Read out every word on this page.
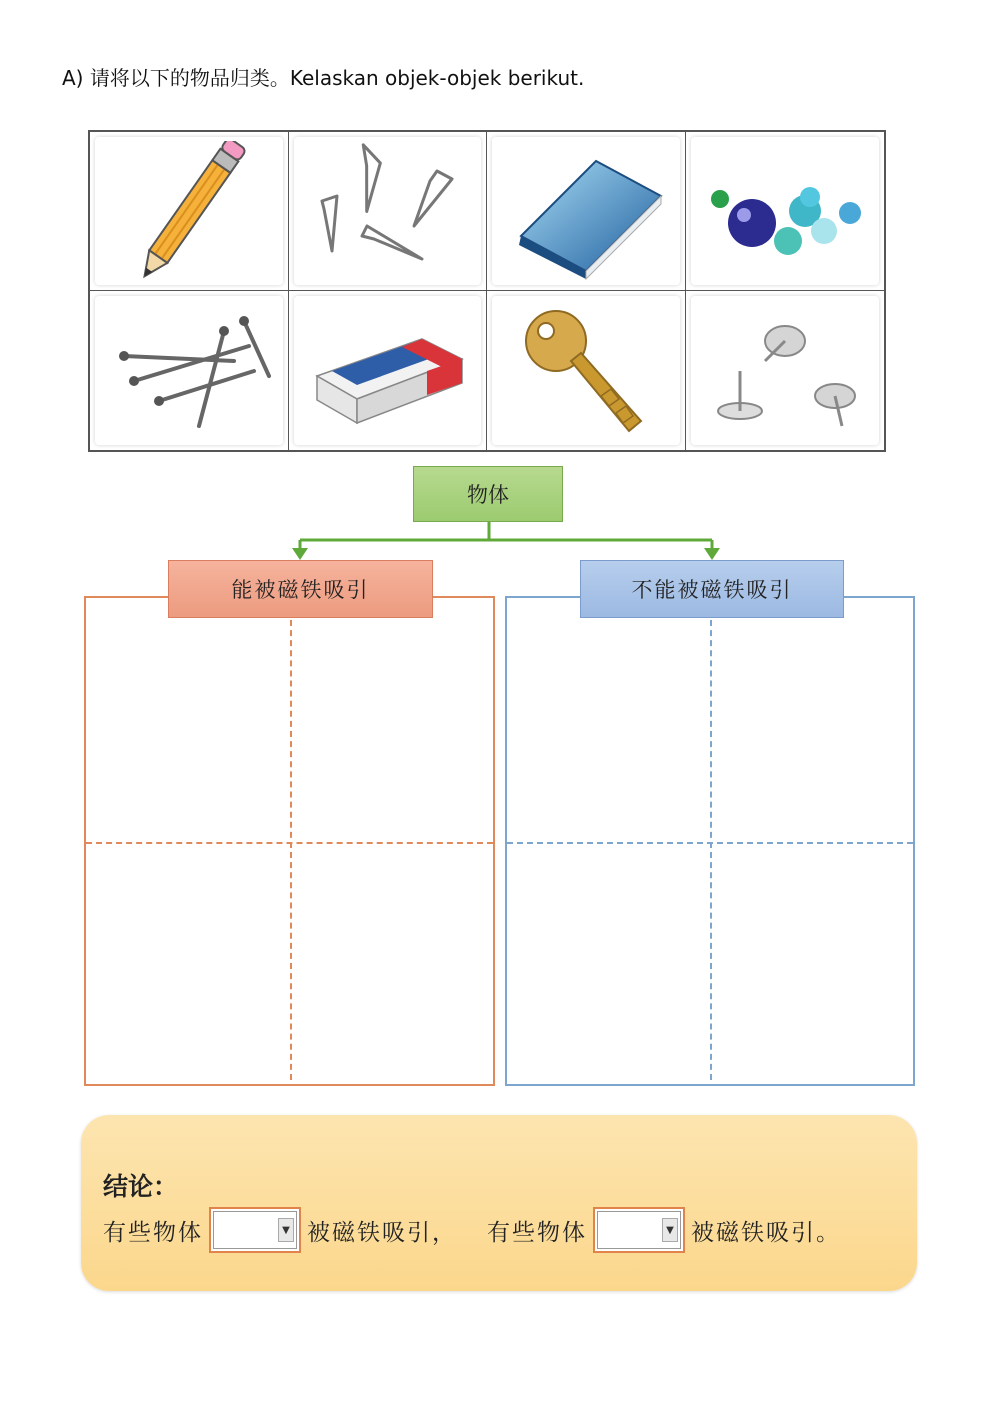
A) 请将以下的物品归类。Kelaskan objek-objek berikut.
物体
能被磁铁吸引	不能被磁铁吸引
结论：
有些物体	▼ 被磁铁吸引， 有些物体	▼ 被磁铁吸引。
